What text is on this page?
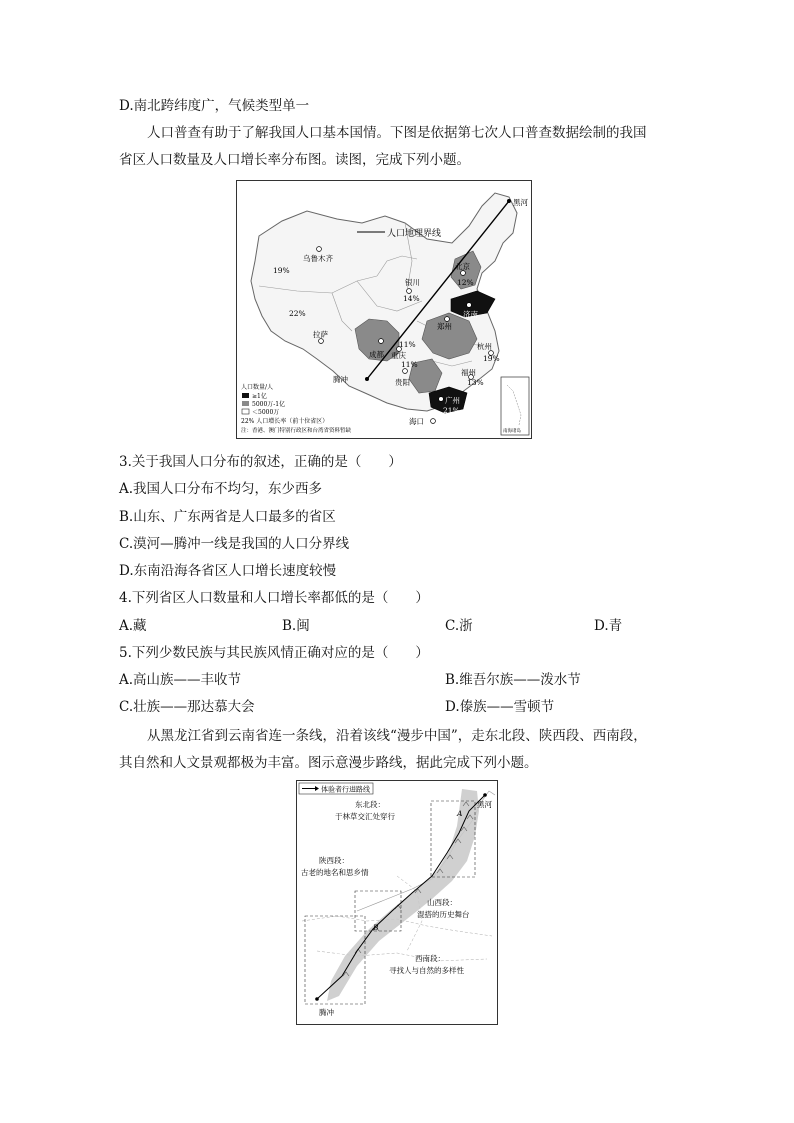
D.南北跨纬度广，气候类型单一
人口普查有助于了解我国人口基本国情。下图是依据第七次人口普查数据绘制的我国
省区人口数量及人口增长率分布图。读图，完成下列小题。
人口地理界线
黑河
腾冲
乌鲁木齐
银川
北京
济南
郑州
拉萨
成都 重庆
贵阳
杭州
福州
广州
海口
19%
22%
14%
12%
11%
11%
19%
13%
21%
人口数量/人
≥1亿
5000万-1亿
＜5000万
22% 人口增长率（前十位省区）
注：香港、澳门特别行政区和台湾省资料暂缺	南海诸岛
3.关于我国人口分布的叙述，正确的是（　　）
A.我国人口分布不均匀，东少西多
B.山东、广东两省是人口最多的省区
C.漠河—腾冲一线是我国的人口分界线
D.东南沿海各省区人口增长速度较慢
4.下列省区人口数量和人口增长率都低的是（　　）
A.藏	B.闽	C.浙	D.青
5.下列少数民族与其民族风情正确对应的是（　　）
A.高山族——丰收节	B.维吾尔族——泼水节
C.壮族——那达慕大会	D.傣族——雪顿节
从黑龙江省到云南省连一条线，沿着该线“漫步中国”，走东北段、陕西段、西南段，
其自然和人文景观都极为丰富。图示意漫步路线，据此完成下列小题。
体验者行进路线
黑河
腾冲
A
B
东北段：
于林草交汇处穿行
陕西段：
古老的地名和思乡情
山西段：
混搭的历史舞台
西南段：
寻找人与自然的多样性
横断山脉
